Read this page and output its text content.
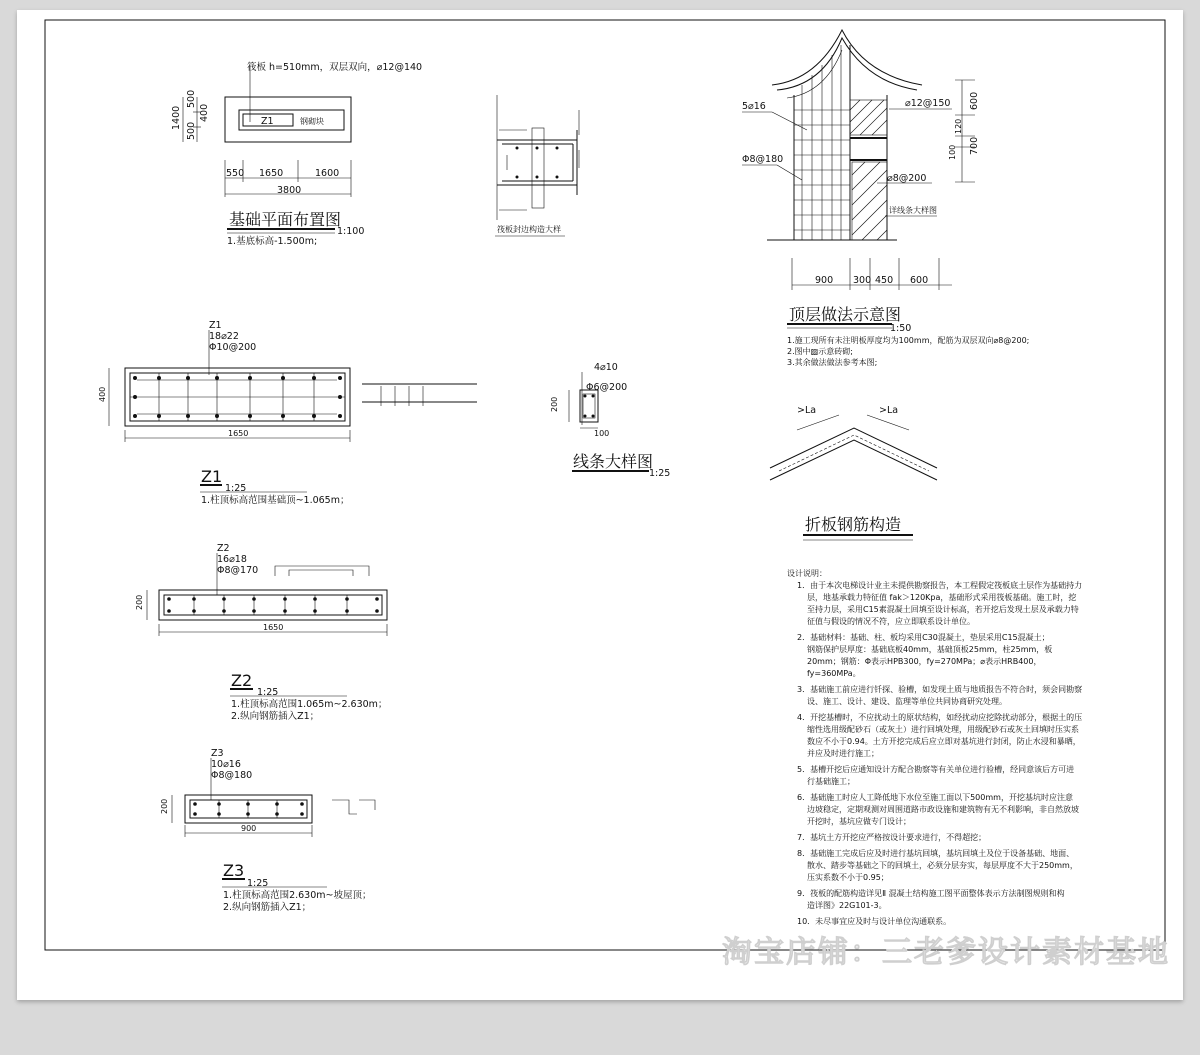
筏板 h=510mm，双层双向，⌀12@140
Z1	钢砌块
500
400
500
1400
550 1650	1600
3800
基础平面布置图
1:100
1.基底标高-1.500m;
筏板封边构造大样
600
120
100 700
5⌀16	⌀12@150
Φ8@180
⌀8@200
详线条大样图
900 300 450 600
顶层做法示意图
1:50
1.施工现所有未注明板厚度均为100mm，配筋为双层双向⌀8@200;
2.图中▨示意砖砌;
3.其余做法做法参考本图;
Z1
18⌀22
Φ10@200
400
1650
Z1
1:25
1.柱顶标高范围基础顶~1.065m；
4⌀10
Φ6@200
200
100
线条大样图
1:25
>La	>La
折板钢筋构造
Z2
16⌀18
Φ8@170
200
1650
Z2
1:25
1.柱顶标高范围1.065m~2.630m；
2.纵向钢筋插入Z1；
Z3
10⌀16
Φ8@180
200
900
Z3
1:25
1.柱顶标高范围2.630m~坡屋顶；
2.纵向钢筋插入Z1；
设计说明：
1．由于本次电梯设计业主未提供勘察报告，本工程假定筏板底土层作为基础持力
层，地基承载力特征值 fak＞120Kpa，基础形式采用筏板基础。施工时，挖
至持力层，采用C15素混凝土回填至设计标高，若开挖后发现土层及承载力特
征值与假设的情况不符，应立即联系设计单位。
2．基础材料：基础、柱、板均采用C30混凝土，垫层采用C15混凝土；
钢筋保护层厚度：基础底板40mm，基础顶板25mm，柱25mm，板
20mm；钢筋：Φ表示HPB300，fy=270MPa；⌀表示HRB400，
fy=360MPa。
3．基础施工前应进行钎探、验槽，如发现土质与地质报告不符合时，须会同勘察
设、施工、设计、建设、监理等单位共同协商研究处理。
4．开挖基槽时，不应扰动土的原状结构，如经扰动应挖除扰动部分，根据土的压
缩性选用级配砂石（或灰土）进行回填处理，用级配砂石或灰土回填时压实系
数应不小于0.94。土方开挖完成后应立即对基坑进行封闭，防止水浸和暴晒，
并应及时进行施工；
5．基槽开挖后应通知设计方配合勘察等有关单位进行验槽，经同意该后方可进
行基础施工；
6．基础施工时应人工降低地下水位至施工面以下500mm，开挖基坑时应注意
边坡稳定，定期观测对周围道路市政设施和建筑物有无不利影响，非自然放坡
开挖时，基坑应做专门设计；
7．基坑土方开挖应严格按设计要求进行，不得超挖；
8．基础施工完成后应及时进行基坑回填，基坑回填土及位于设备基础、地面、
散水、踏步等基础之下的回填土，必须分层夯实，每层厚度不大于250mm，
压实系数不小于0.95；
9．筏板的配筋构造详见Ⅱ 混凝土结构施工图平面整体表示方法制图规则和构
造详图》22G101-3。
10．未尽事宜应及时与设计单位沟通联系。
淘宝店铺：三老爹设计素材基地
